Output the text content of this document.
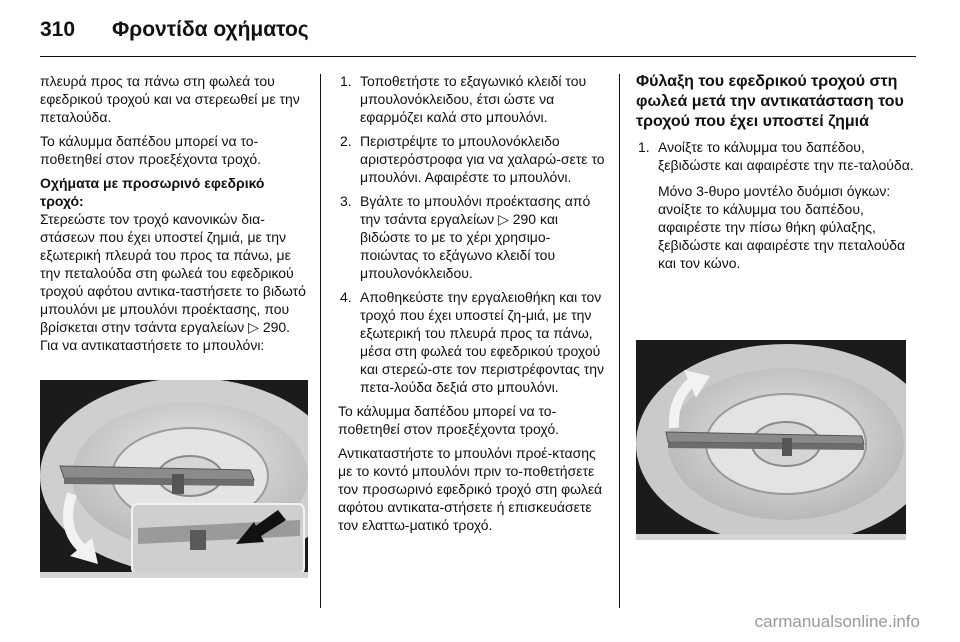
310 Φροντίδα οχήματος

πλευρά προς τα πάνω στη φωλεά του εφεδρικού τροχού και να στερεωθεί με την πεταλούδα.

Το κάλυμμα δαπέδου μπορεί να το-ποθετηθεί στον προεξέχοντα τροχό.

Οχήματα με προσωρινό εφεδρικό τροχό:

Στερεώστε τον τροχό κανονικών δια-στάσεων που έχει υποστεί ζημιά, με την εξωτερική πλευρά του προς τα πάνω, με την πεταλούδα στη φωλεά του εφεδρικού τροχού αφότου αντικα-ταστήσετε το βιδωτό μπουλόνι με μπουλόνι προέκτασης, που βρίσκεται στην τσάντα εργαλείων ▷ 290. Για να αντικαταστήσετε το μπουλόνι:

1. Τοποθετήστε το εξαγωνικό κλειδί του μπουλονόκλειδου, έτσι ώστε να εφαρμόζει καλά στο μπουλόνι.
2. Περιστρέψτε το μπουλονόκλειδο αριστερόστροφα για να χαλαρώ-σετε το μπουλόνι. Αφαιρέστε το μπουλόνι.
3. Βγάλτε το μπουλόνι προέκτασης από την τσάντα εργαλείων ▷ 290 και βιδώστε το με το χέρι χρησιμο-ποιώντας το εξάγωνο κλειδί του μπουλονόκλειδου.
4. Αποθηκεύστε την εργαλειοθήκη και τον τροχό που έχει υποστεί ζη-μιά, με την εξωτερική του πλευρά προς τα πάνω, μέσα στη φωλεά του εφεδρικού τροχού και στερεώ-στε τον περιστρέφοντας την πετα-λούδα δεξιά στο μπουλόνι.

Το κάλυμμα δαπέδου μπορεί να το-ποθετηθεί στον προεξέχοντα τροχό.

Αντικαταστήστε το μπουλόνι προέ-κτασης με το κοντό μπουλόνι πριν το-ποθετήσετε τον προσωρινό εφεδρικό τροχό στη φωλεά αφότου αντικατα-στήσετε ή επισκευάσετε τον ελαττω-ματικό τροχό.

Φύλαξη του εφεδρικού τροχού στη φωλεά μετά την αντικατάσταση του τροχού που έχει υποστεί ζημιά

1. Ανοίξτε το κάλυμμα του δαπέδου, ξεβιδώστε και αφαιρέστε την πε-ταλούδα.
Μόνο 3-θυρο μοντέλο δυόμισι όγκων: ανοίξτε το κάλυμμα του δαπέδου, αφαιρέστε την πίσω θήκη φύλαξης, ξεβιδώστε και αφαιρέστε την πεταλούδα και τον κώνο.
carmanualsonline.info
